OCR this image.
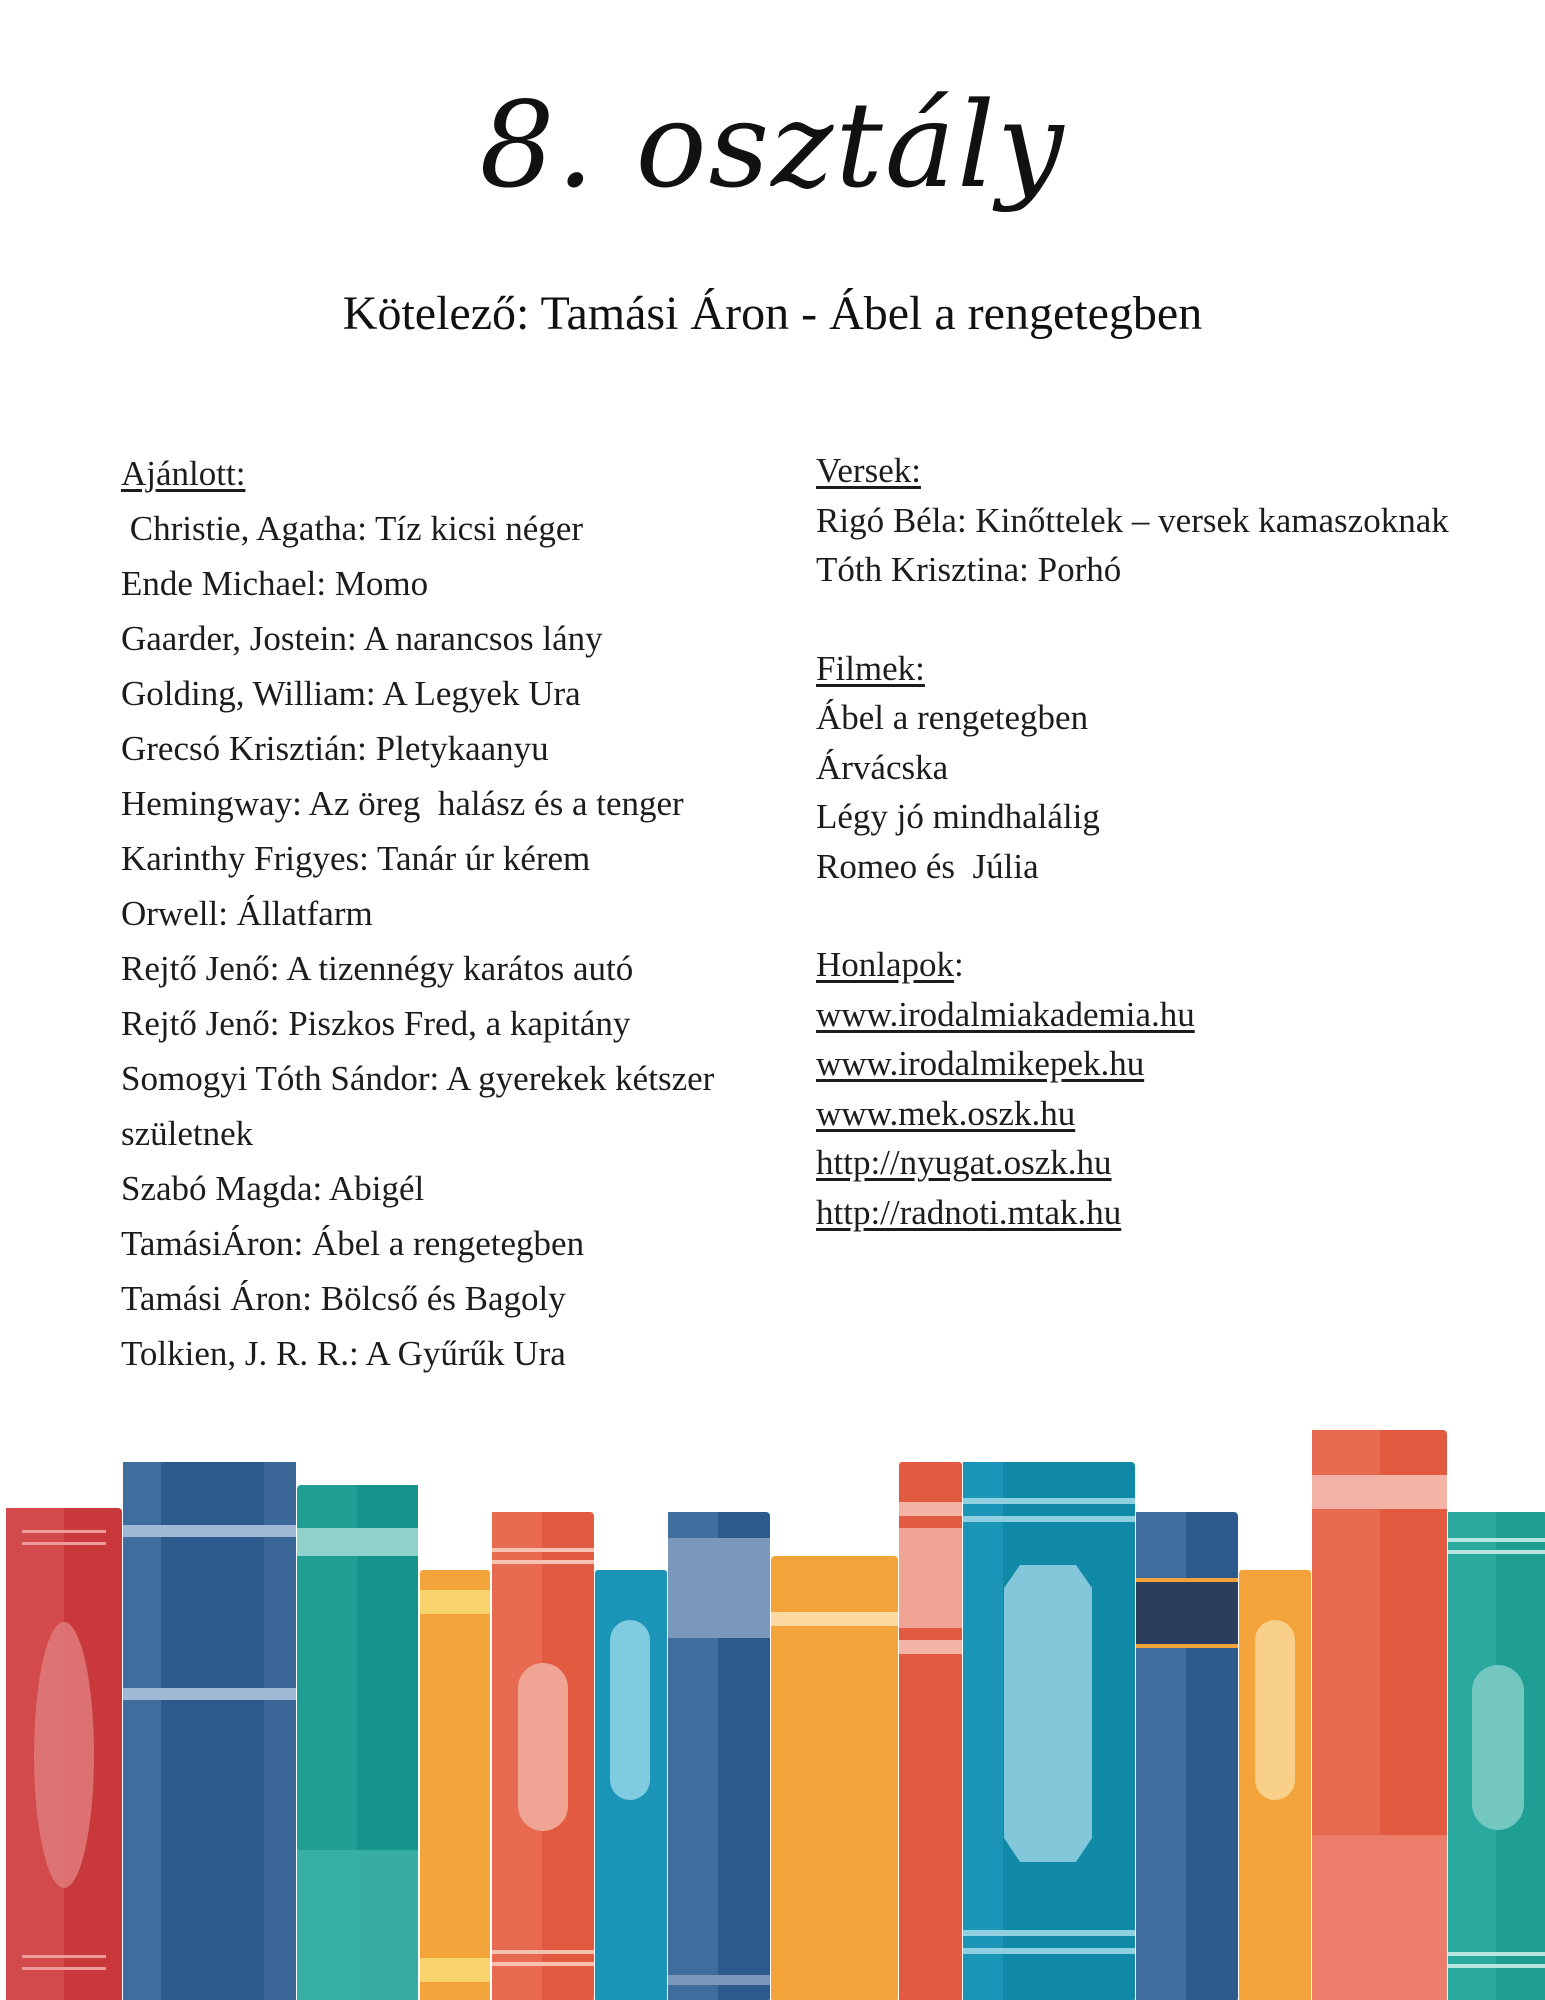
8. osztály
Kötelező: Tamási Áron - Ábel a rengetegben
Ajánlott:
Christie, Agatha: Tíz kicsi néger
Ende Michael: Momo
Gaarder, Jostein: A narancsos lány
Golding, William: A Legyek Ura
Grecsó Krisztián: Pletykaanyu
Hemingway: Az öreg  halász és a tenger
Karinthy Frigyes: Tanár úr kérem
Orwell: Állatfarm
Rejtő Jenő: A tizennégy karátos autó
Rejtő Jenő: Piszkos Fred, a kapitány
Somogyi Tóth Sándor: A gyerekek kétszer születnek
Szabó Magda: Abigél
TamásiÁron: Ábel a rengetegben
Tamási Áron: Bölcső és Bagoly
Tolkien, J. R. R.: A Gyűrűk Ura
Versek:
Rigó Béla: Kinőttelek – versek kamaszoknak
Tóth Krisztina: Porhó
Filmek:
Ábel a rengetegben
Árvácska
Légy jó mindhalálig
Romeo és  Júlia
Honlapok:
www.irodalmiakademia.hu
www.irodalmikepek.hu
www.mek.oszk.hu
http://nyugat.oszk.hu
http://radnoti.mtak.hu
